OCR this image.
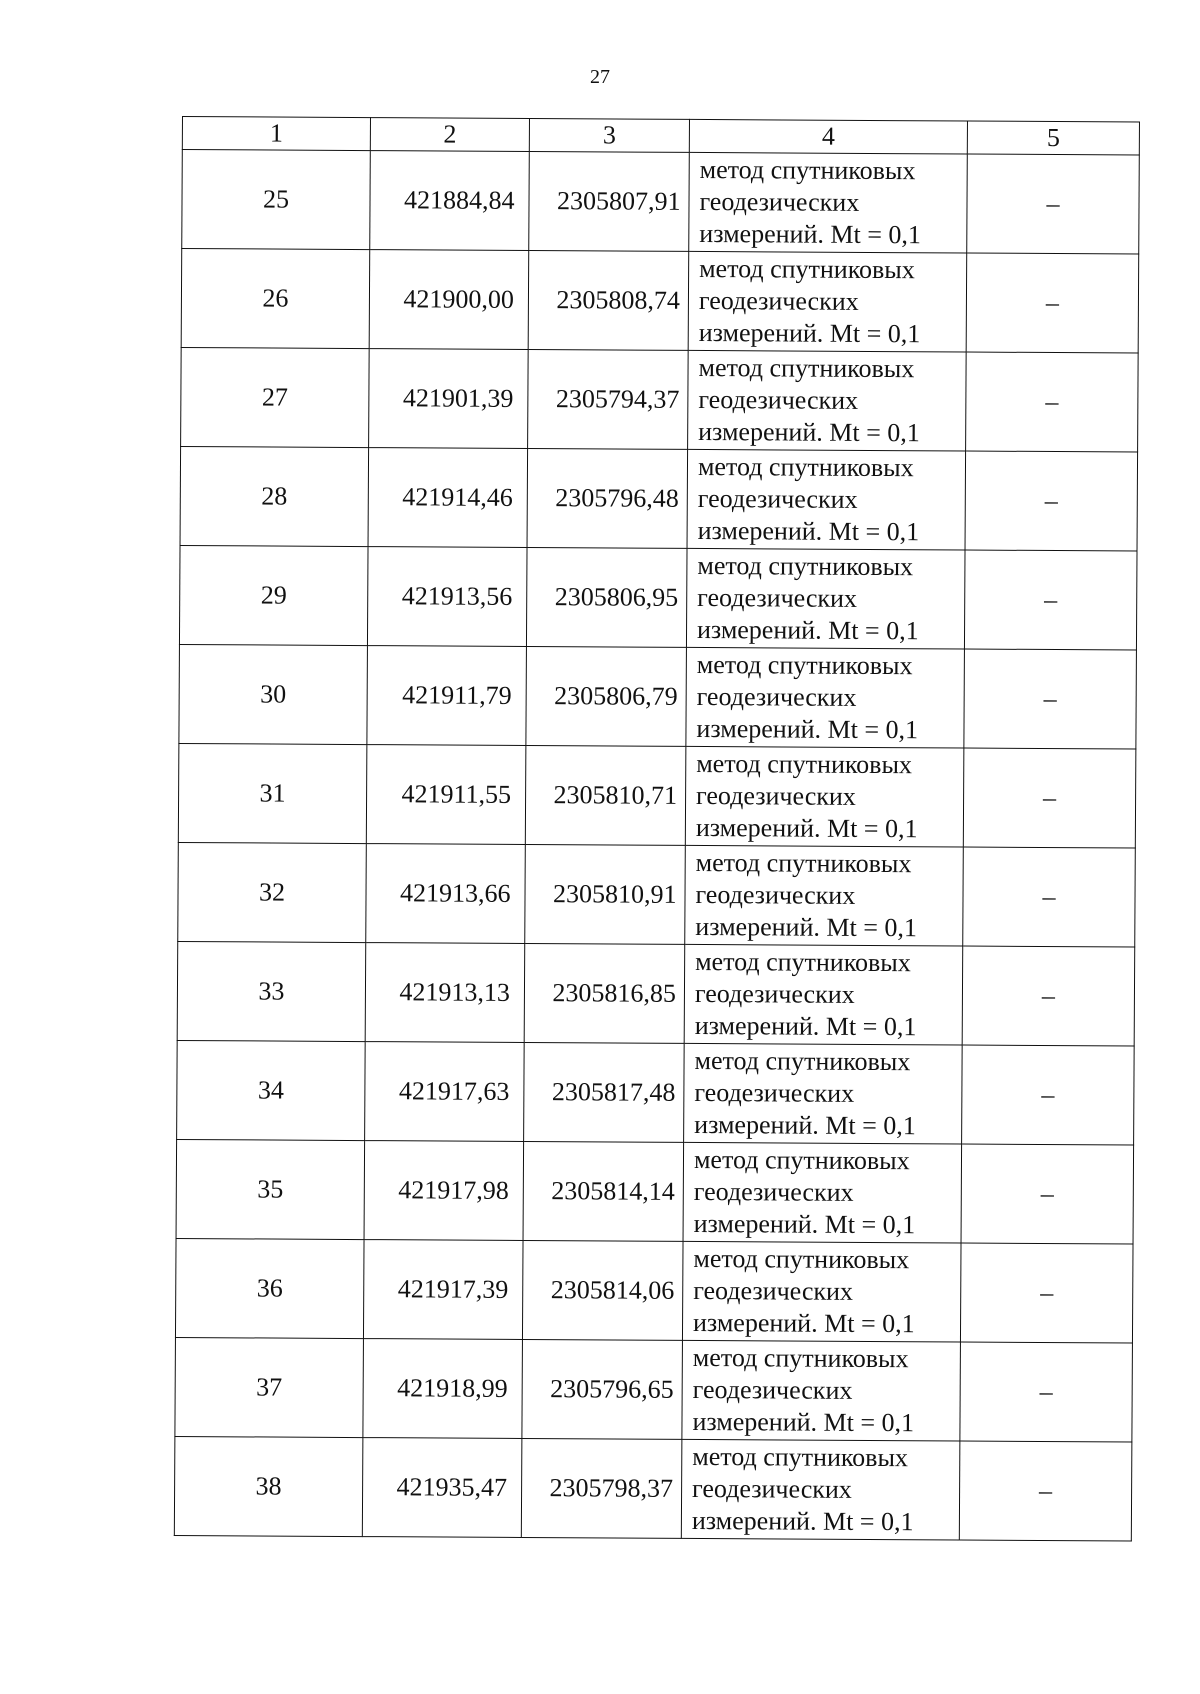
27
1	2	3	4	5
25	421884,84	2305807,91	метод спутниковых
геодезических
измерений. Mt = 0,1	–
26	421900,00	2305808,74	метод спутниковых
геодезических
измерений. Mt = 0,1	–
27	421901,39	2305794,37	метод спутниковых
геодезических
измерений. Mt = 0,1	–
28	421914,46	2305796,48	метод спутниковых
геодезических
измерений. Mt = 0,1	–
29	421913,56	2305806,95	метод спутниковых
геодезических
измерений. Mt = 0,1	–
30	421911,79	2305806,79	метод спутниковых
геодезических
измерений. Mt = 0,1	–
31	421911,55	2305810,71	метод спутниковых
геодезических
измерений. Mt = 0,1	–
32	421913,66	2305810,91	метод спутниковых
геодезических
измерений. Mt = 0,1	–
33	421913,13	2305816,85	метод спутниковых
геодезических
измерений. Mt = 0,1	–
34	421917,63	2305817,48	метод спутниковых
геодезических
измерений. Mt = 0,1	–
35	421917,98	2305814,14	метод спутниковых
геодезических
измерений. Mt = 0,1	–
36	421917,39	2305814,06	метод спутниковых
геодезических
измерений. Mt = 0,1	–
37	421918,99	2305796,65	метод спутниковых
геодезических
измерений. Mt = 0,1	–
38	421935,47	2305798,37	метод спутниковых
геодезических
измерений. Mt = 0,1	–
